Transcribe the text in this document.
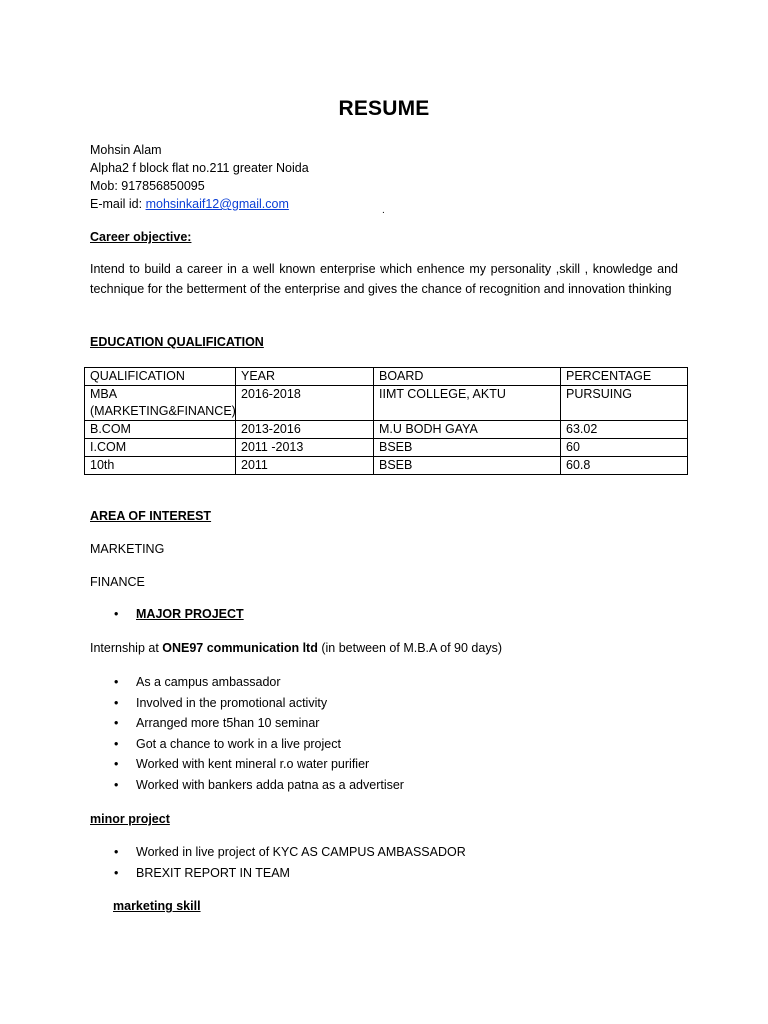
RESUME
Mohsin Alam
Alpha2 f block flat no.211 greater Noida
Mob: 917856850095
E-mail id: mohsinkaif12@gmail.com	.
Career objective:
Intend to build a career in a well known enterprise which enhence my personality ,skill , knowledge and technique for the betterment of the enterprise and gives the chance of recognition and innovation thinking
EDUCATION QUALIFICATION
QUALIFICATION	YEAR	BOARD	PERCENTAGE
MBA (MARKETING&FINANCE)	2016-2018	IIMT COLLEGE, AKTU	PURSUING
B.COM	2013-2016	M.U BODH GAYA	63.02
I.COM	2011 -2013	BSEB	60
10th	2011	BSEB	60.8
AREA OF INTEREST
MARKETING
FINANCE
• MAJOR PROJECT
Internship at ONE97 communication ltd (in between of M.B.A of 90 days)
• As a campus ambassador
• Involved in the promotional activity
• Arranged more t5han 10 seminar
• Got a chance to work in a live project
• Worked with kent mineral r.o water purifier
• Worked with bankers adda patna as a advertiser
minor project
• Worked in live project of KYC AS CAMPUS AMBASSADOR
• BREXIT REPORT IN TEAM
marketing skill
